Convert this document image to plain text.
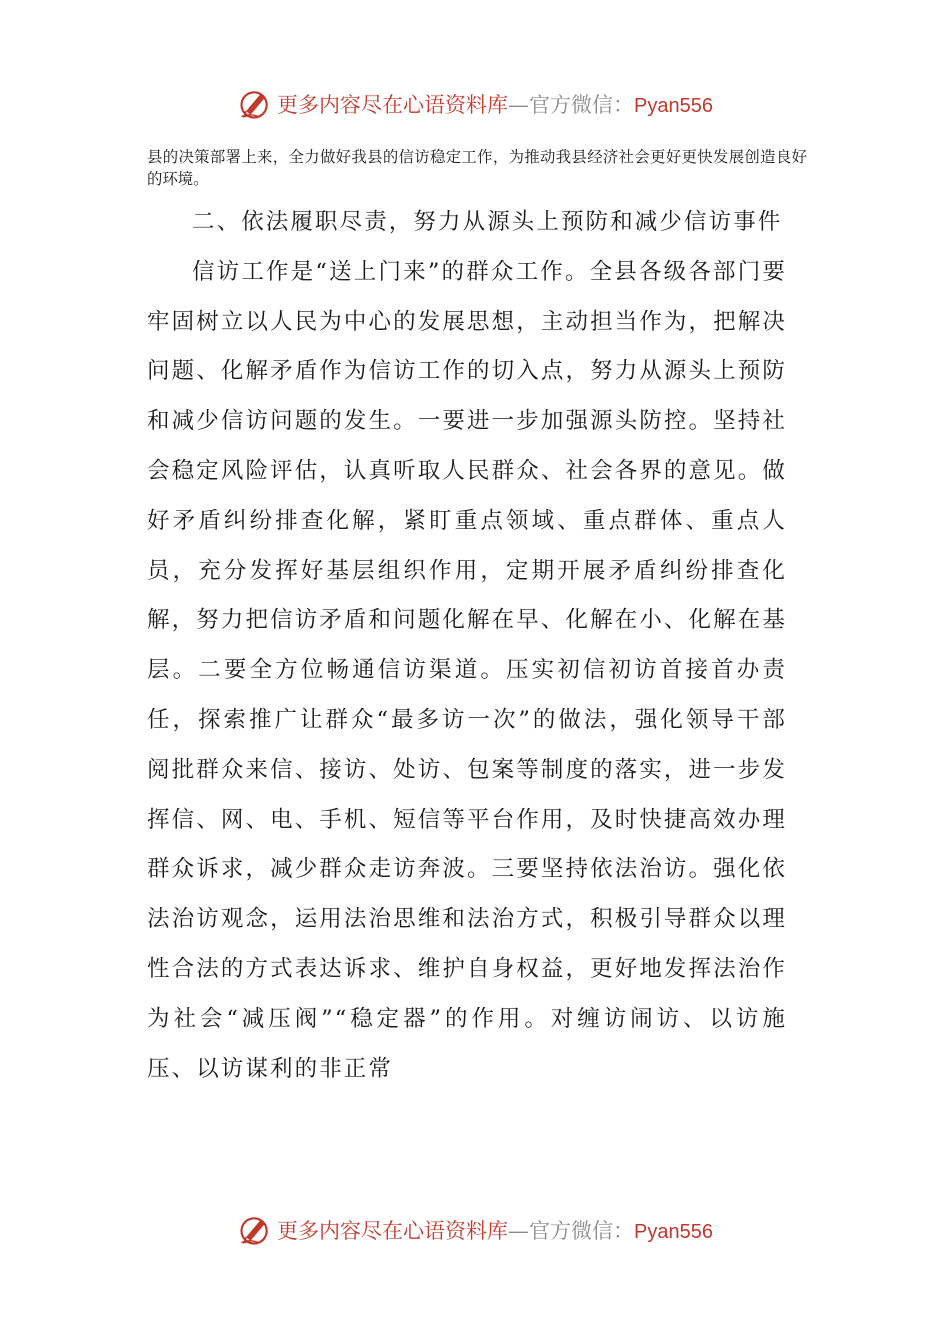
更多内容尽在心语资料库—官方微信：Pyan556

县的决策部署上来，全力做好我县的信访稳定工作，为推动我县经济社会更好更快发展创造良好的环境。

二、依法履职尽责，努力从源头上预防和减少信访事件

信访工作是“送上门来”的群众工作。全县各级各部门要牢固树立以人民为中心的发展思想，主动担当作为，把解决问题、化解矛盾作为信访工作的切入点，努力从源头上预防和减少信访问题的发生。一要进一步加强源头防控。坚持社会稳定风险评估，认真听取人民群众、社会各界的意见。做好矛盾纠纷排查化解，紧盯重点领域、重点群体、重点人员，充分发挥好基层组织作用，定期开展矛盾纠纷排查化解，努力把信访矛盾和问题化解在早、化解在小、化解在基层。二要全方位畅通信访渠道。压实初信初访首接首办责任，探索推广让群众“最多访一次”的做法，强化领导干部阅批群众来信、接访、处访、包案等制度的落实，进一步发挥信、网、电、手机、短信等平台作用，及时快捷高效办理群众诉求，减少群众走访奔波。三要坚持依法治访。强化依法治访观念，运用法治思维和法治方式，积极引导群众以理性合法的方式表达诉求、维护自身权益，更好地发挥法治作为社会“减压阀”“稳定器”的作用。对缠访闹访、以访施压、以访谋利的非正常

更多内容尽在心语资料库—官方微信：Pyan556
